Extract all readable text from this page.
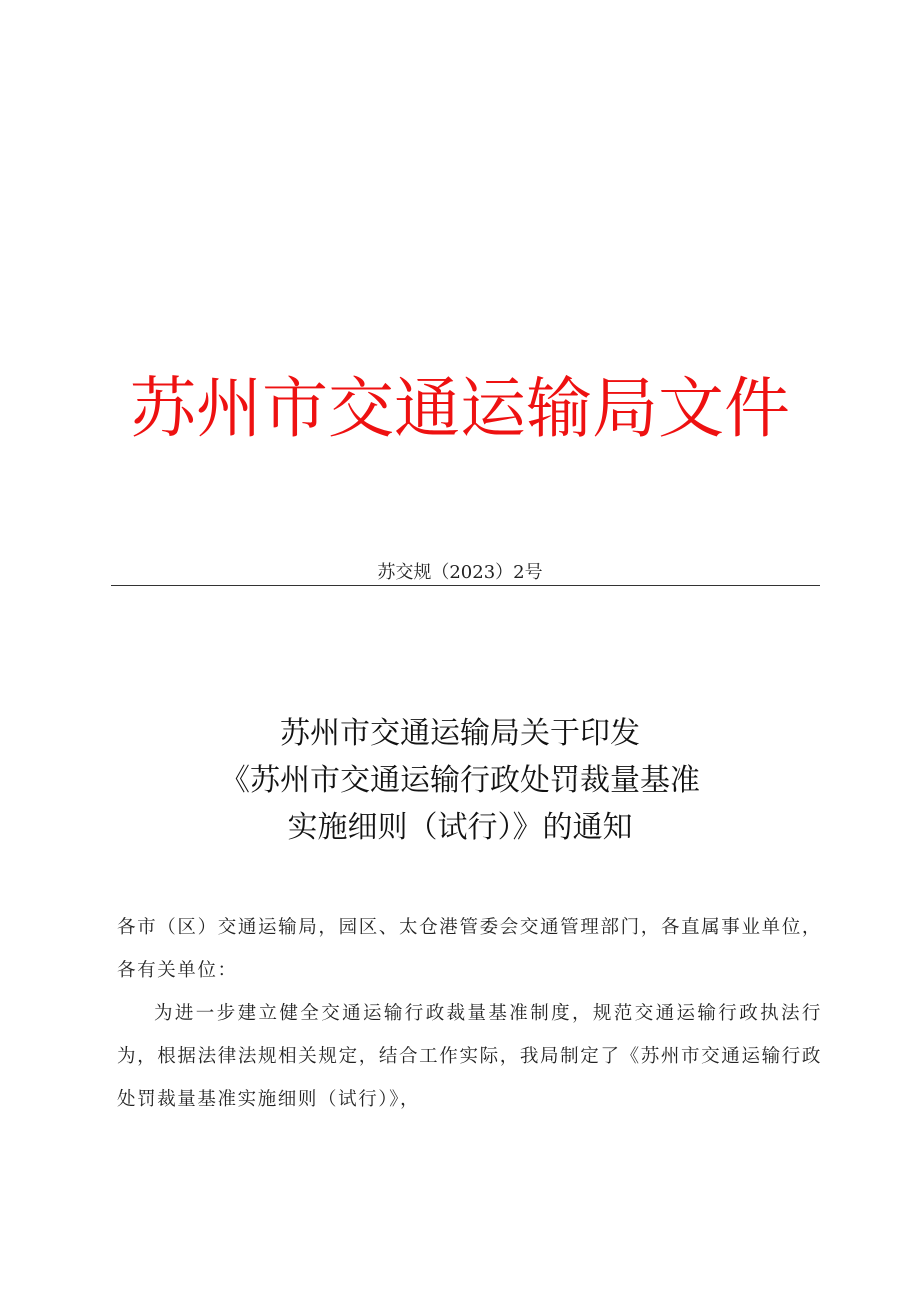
苏州市交通运输局文件
苏交规（2023）2号
苏州市交通运输局关于印发
《苏州市交通运输行政处罚裁量基准
实施细则（试行）》的通知

各市（区）交通运输局，园区、太仓港管委会交通管理部门，各直属事业单位，各有关单位：

为进一步建立健全交通运输行政裁量基准制度，规范交通运输行政执法行为，根据法律法规相关规定，结合工作实际，我局制定了《苏州市交通运输行政处罚裁量基准实施细则（试行）》，
